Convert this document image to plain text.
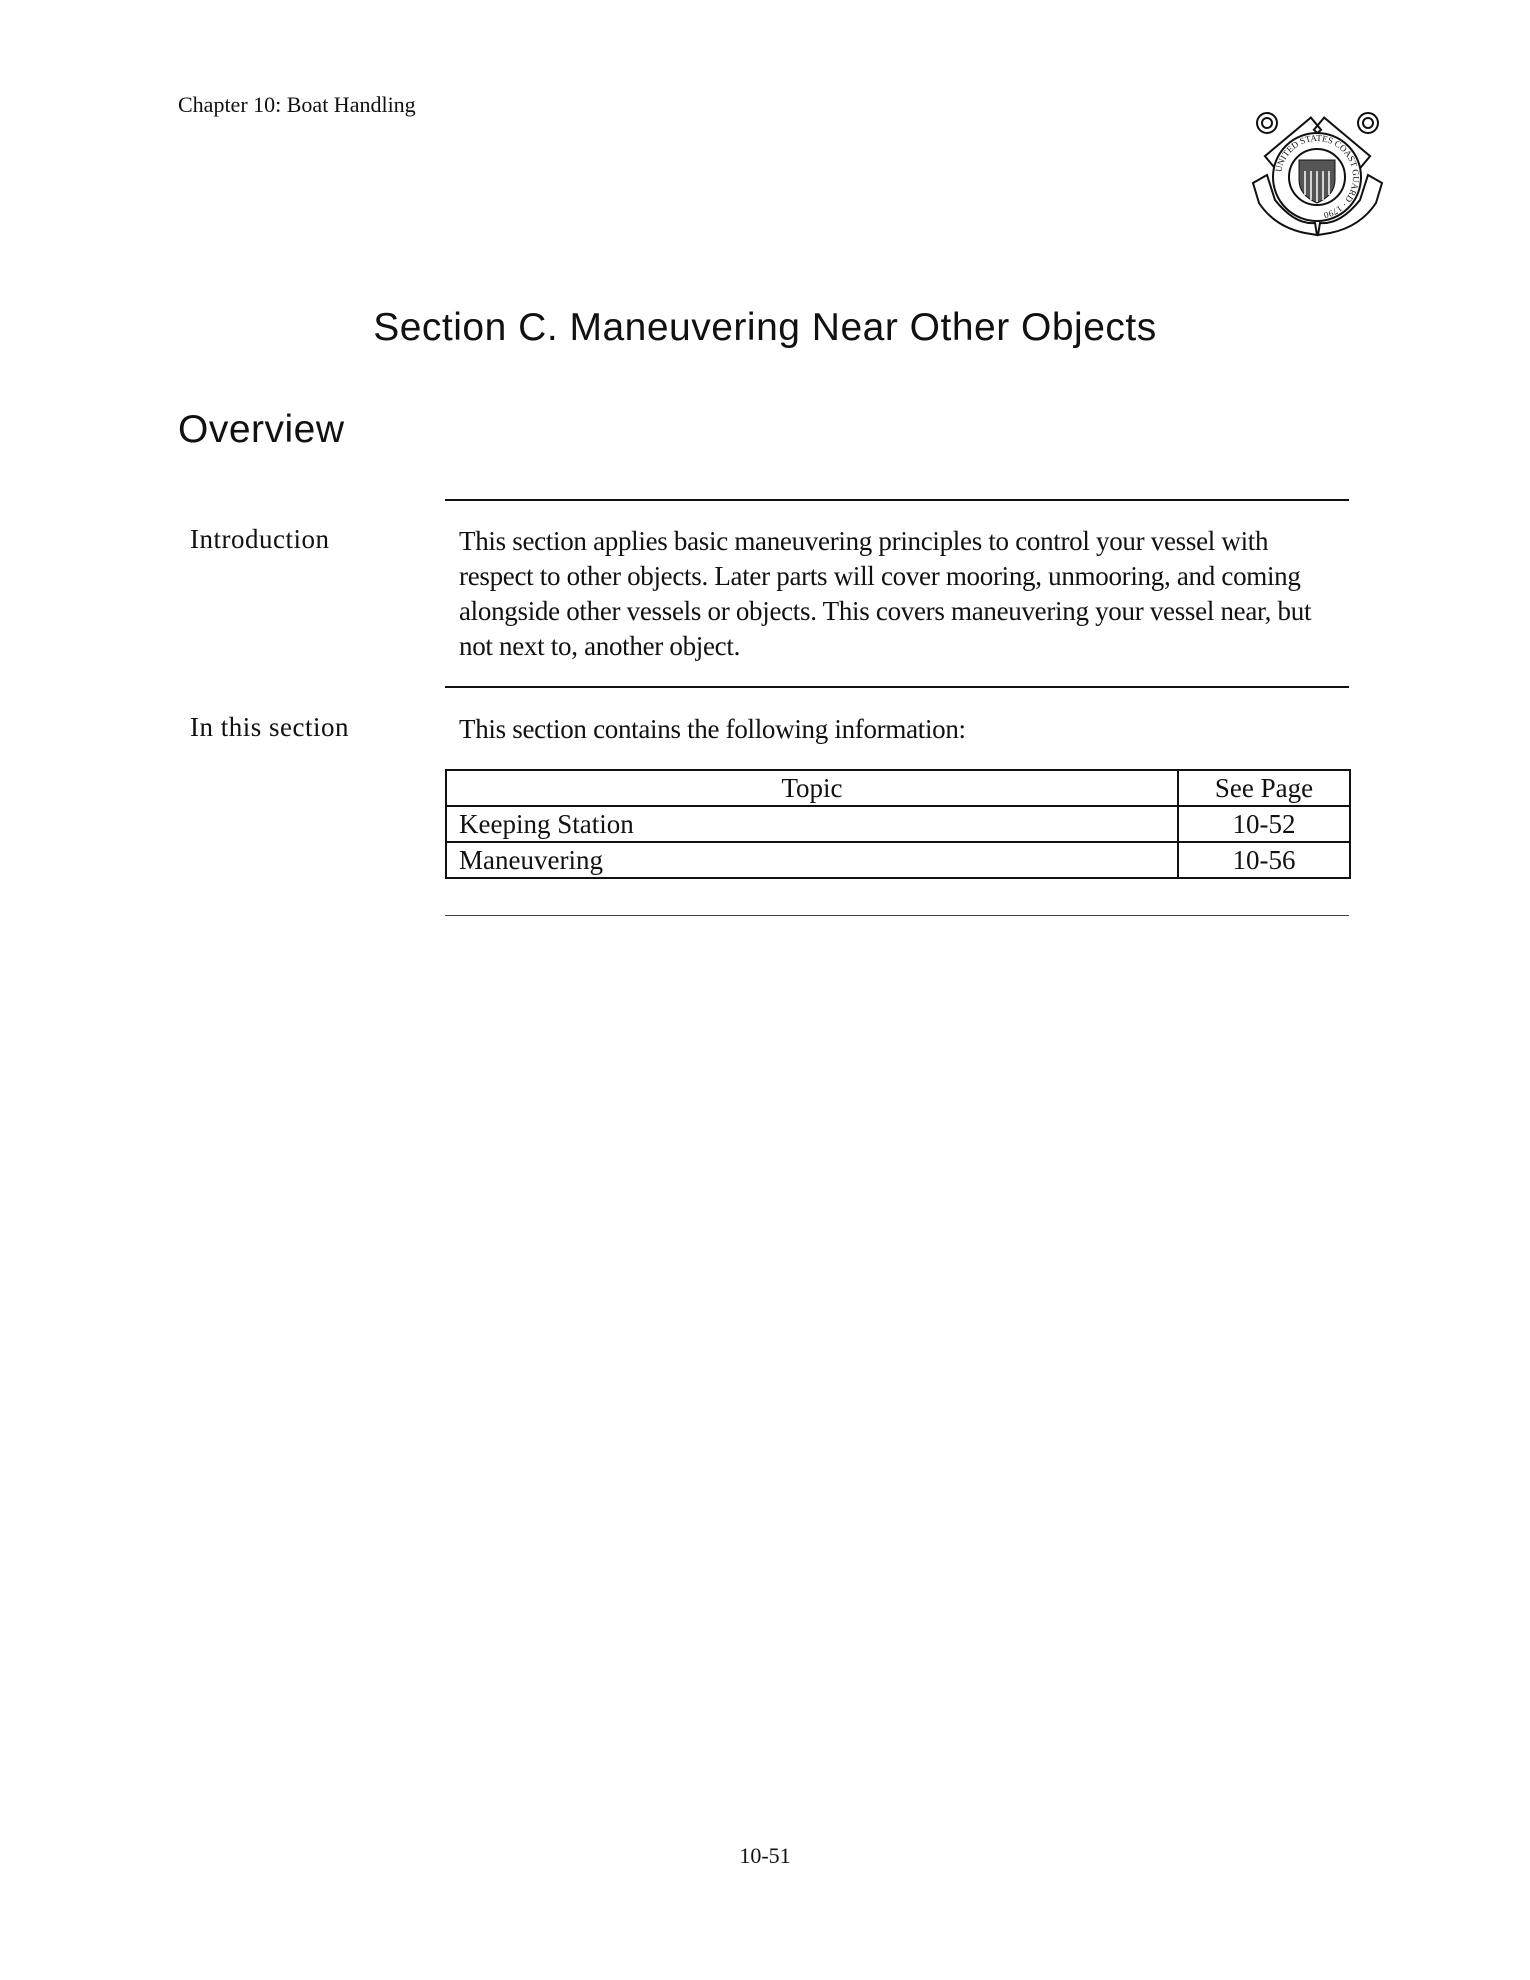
Chapter 10: Boat Handling
UNITED STATES COAST GUARD · 1790
Section C. Maneuvering Near Other Objects
Overview
Introduction	This section applies basic maneuvering principles to control your vessel with respect to other objects. Later parts will cover mooring, unmooring, and coming alongside other vessels or objects. This covers maneuvering your vessel near, but not next to, another object.
In this section	This section contains the following information:
Topic	See Page
Keeping Station	10-52
Maneuvering	10-56
10-51
